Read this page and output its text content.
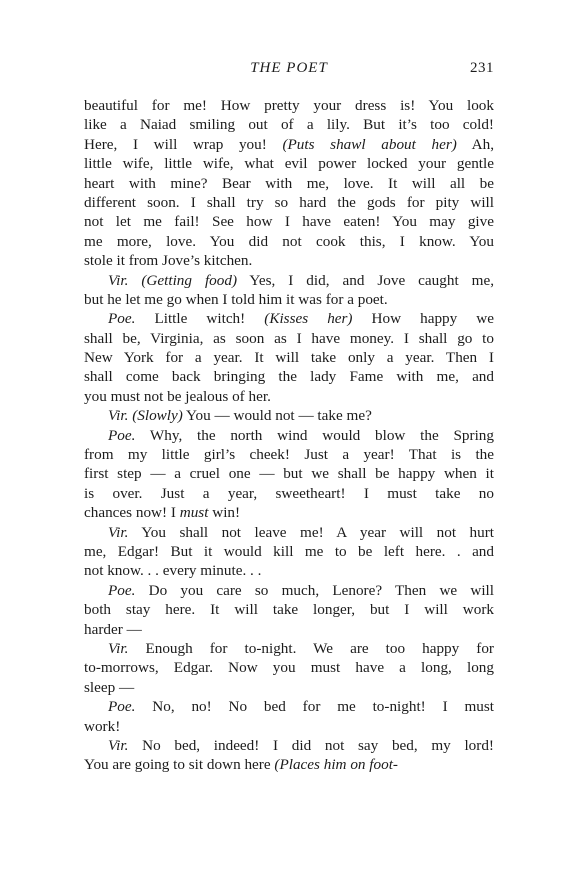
THE POET	231
beautiful for me! How pretty your dress is! You look
like a Naiad smiling out of a lily. But it’s too cold!
Here, I will wrap you! (Puts shawl about her) Ah,
little wife, little wife, what evil power locked your gentle
heart with mine? Bear with me, love. It will all be
different soon. I shall try so hard the gods for pity will
not let me fail! See how I have eaten! You may give
me more, love. You did not cook this, I know. You
stole it from Jove’s kitchen.
Vir. (Getting food) Yes, I did, and Jove caught me,
but he let me go when I told him it was for a poet.
Poe. Little witch! (Kisses her) How happy we
shall be, Virginia, as soon as I have money. I shall go to
New York for a year. It will take only a year. Then I
shall come back bringing the lady Fame with me, and
you must not be jealous of her.
Vir. (Slowly) You — would not — take me?
Poe. Why, the north wind would blow the Spring
from my little girl’s cheek! Just a year! That is the
first step — a cruel one — but we shall be happy when it
is over. Just a year, sweetheart! I must take no
chances now! I must win!
Vir. You shall not leave me! A year will not hurt
me, Edgar! But it would kill me to be left here. . and
not know. . . every minute. . .
Poe. Do you care so much, Lenore? Then we will
both stay here. It will take longer, but I will work
harder —
Vir. Enough for to-night. We are too happy for
to-morrows, Edgar. Now you must have a long, long
sleep —
Poe. No, no! No bed for me to-night! I must
work!
Vir. No bed, indeed! I did not say bed, my lord!
You are going to sit down here (Places him on foot-
